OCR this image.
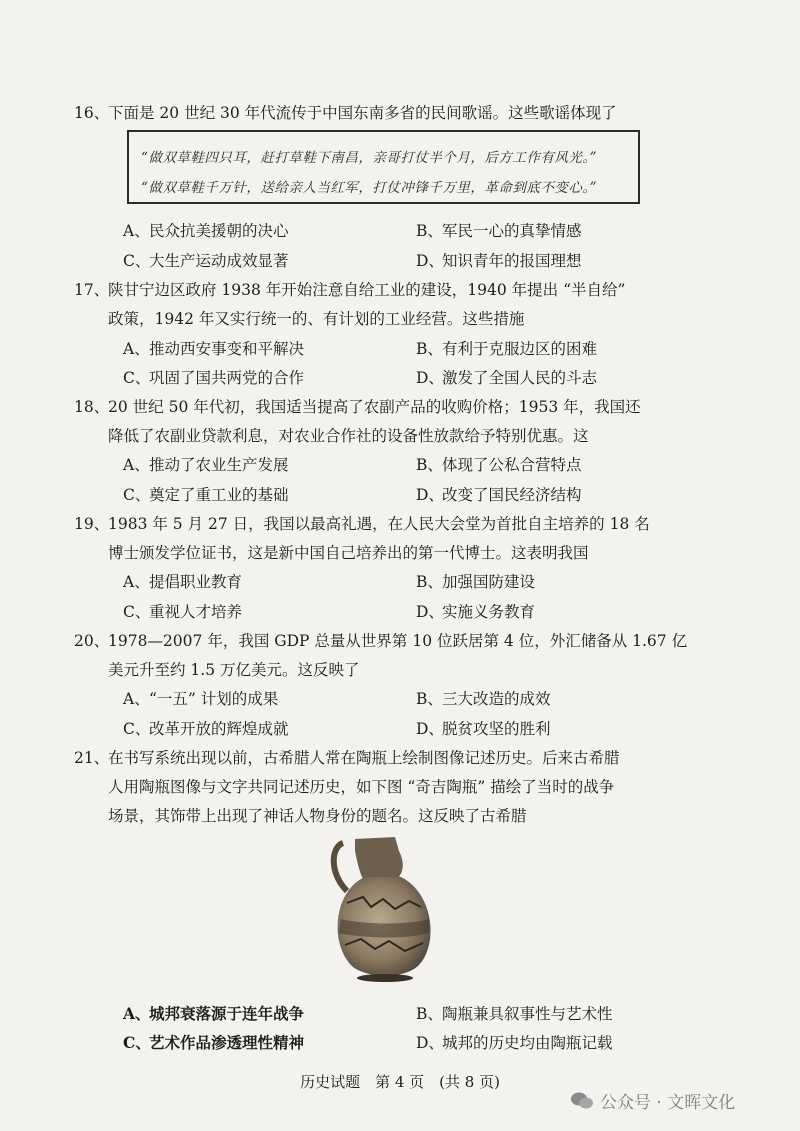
16、下面是 20 世纪 30 年代流传于中国东南多省的民间歌谣。这些歌谣体现了
“做双草鞋四只耳，赶打草鞋下南昌，亲哥打仗半个月，后方工作有风光。”
“做双草鞋千万针，送给亲人当红军，打仗冲锋千万里，革命到底不变心。”
A、民众抗美援朝的决心	B、军民一心的真挚情感
C、大生产运动成效显著	D、知识青年的报国理想
17、陕甘宁边区政府 1938 年开始注意自给工业的建设，1940 年提出 “半自给”
政策，1942 年又实行统一的、有计划的工业经营。这些措施
A、推动西安事变和平解决	B、有利于克服边区的困难
C、巩固了国共两党的合作	D、激发了全国人民的斗志
18、20 世纪 50 年代初，我国适当提高了农副产品的收购价格；1953 年，我国还
降低了农副业贷款利息，对农业合作社的设备性放款给予特别优惠。这
A、推动了农业生产发展	B、体现了公私合营特点
C、奠定了重工业的基础	D、改变了国民经济结构
19、1983 年 5 月 27 日，我国以最高礼遇，在人民大会堂为首批自主培养的 18 名
博士颁发学位证书，这是新中国自己培养出的第一代博士。这表明我国
A、提倡职业教育	B、加强国防建设
C、重视人才培养	D、实施义务教育
20、1978—2007 年，我国 GDP 总量从世界第 10 位跃居第 4 位，外汇储备从 1.67 亿
美元升至约 1.5 万亿美元。这反映了
A、“一五” 计划的成果	B、三大改造的成效
C、改革开放的辉煌成就	D、脱贫攻坚的胜利
21、在书写系统出现以前，古希腊人常在陶瓶上绘制图像记述历史。后来古希腊
人用陶瓶图像与文字共同记述历史，如下图 “奇吉陶瓶” 描绘了当时的战争
场景，其饰带上出现了神话人物身份的题名。这反映了古希腊
A、城邦衰落源于连年战争	B、陶瓶兼具叙事性与艺术性
C、艺术作品渗透理性精神	D、城邦的历史均由陶瓶记载
历史试题　第 4 页　(共 8 页)
公众号 · 文晖文化
